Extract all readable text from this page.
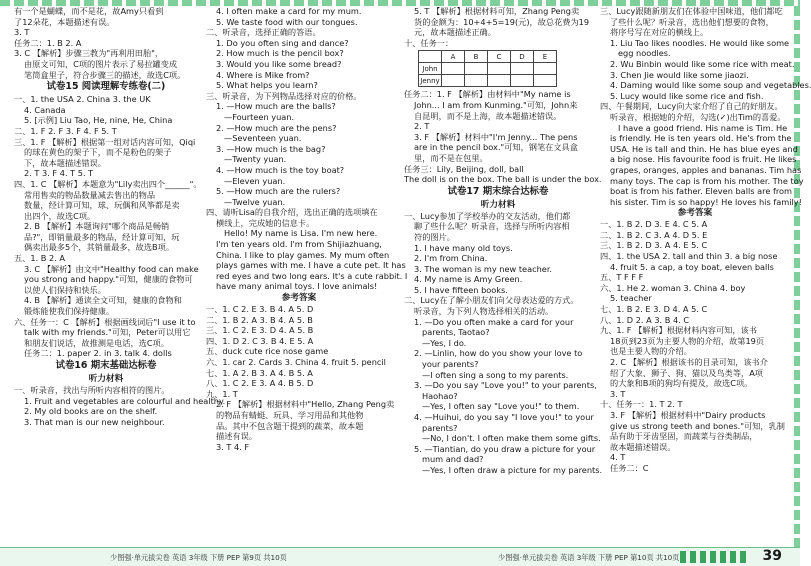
有一个是蝴蝶，而不是花，故Amy只看到
了12朵花，本题描述有误。
3. T
任务二：1. B 2. A
3. C 【解析】步骤三教为"再利用田胎"，
由原文可知，C项的图片表示了易拉罐变成
笔筒盒里子，符合步骤三的描述，故选C项。
试卷15 阅读理解专练卷(二)
一、1. the USA 2. China 3. the UK
4. Canada
5. [示例] Liu Tao, He, nine, He, China
二、1. F 2. F 3. F 4. F 5. T
三、1. F 【解析】根据第一组对话内容可知，Qiqi
的球在黄色的架子下，而不是粉色的架子
下，故本题描述错误。
2. T 3. F 4. T 5. T
四、1. C 【解析】本题意为"Lily卖出四个______"。
常用售卖的物品数量减去售出的物品
数量，经计算可知，球、玩偶和风筝都是卖
出四个，故选C项。
2. B 【解析】本题询问"哪个商品是畅销
品?"，即销量最多的物品，经计算可知，玩
偶卖出最多5个，其销量最多，故选B项。
五、1. B 2. A
3. C 【解析】由文中"Healthy food can make
you strong and happy."可知，健康的食物可
以使人们保持和快乐。
4. B 【解析】通读全文可知，健康的食物和
锻炼能使我们保持健康。
六、任务一：C 【解析】根据画线词后"I use it to
talk with my friends."可知，Peter可以用它
和朋友们说话，故推测是电话，选C项。
任务二：1. paper 2. in 3. talk 4. dolls
试卷16 期末基础达标卷
听力材料
一、听录音，找出与所听内容相符的图片。
1. Fruit and vegetables are colourful and healthy.
2. My old books are on the shelf.
3. That man is our new neighbour.
4. I often make a card for my mum.
5. We taste food with our tongues.
二、听录音，选择正确的答语。
1. Do you often sing and dance?
2. How much is the pencil box?
3. Would you like some bread?
4. Where is Mike from?
5. What helps you learn?
三、听录音，为下列物品选择对应的价格。
1. —How much are the balls?
—Fourteen yuan.
2. —How much are the pens?
—Seventeen yuan.
3. —How much is the bag?
—Twenty yuan.
4. —How much is the toy boat?
—Eleven yuan.
5. —How much are the rulers?
—Twelve yuan.
四、请听Lisa的自我介绍，选出正确的选项填在
横线上，完成她的信息卡。
Hello! My name is Lisa. I'm new here.
I'm ten years old. I'm from Shijiazhuang,
China. I like to play games. My mum often
plays games with me. I have a cute pet. It has
red eyes and two long ears. It's a cute rabbit. I
have many animal toys. I love animals!
参考答案
一、1. C 2. E 3. B 4. A 5. D
二、1. B 2. A 3. B 4. A 5. B
三、1. C 2. E 3. D 4. A 5. B
四、1. D 2. C 3. B 4. E 5. A
五、duck cute rice nose game
六、1. car 2. Cards 3. China 4. fruit 5. pencil
七、1. A 2. B 3. A 4. B 5. A
八、1. C 2. E 3. A 4. B 5. D
九、1. T
2. F 【解析】根据材料中"Hello, Zhang Peng卖
的物品有蜻蜓、玩具、学习用品和其他物
品。其中不包含题干提到的蔬菜，故本题
描述有误。
3. T 4. F
5. T 【解析】根据材料可知，Zhang Peng卖
货的金额为：10+4+5=19(元)，故总花费为19
元，故本题描述正确。
十、任务一：
	A	B	C	D	E
John					
Jenny					
任务二：1. F 【解析】由材料中"My name is
John... I am from Kunming."可知，John来
自昆明，而不是上海，故本题描述错误。
2. T
3. F 【解析】材料中"I'm Jenny... The pens
are in the pencil box."可知，钢笔在文具盒
里，而不是在包里。
任务三：Lily, Beijing, doll, ball
The doll is on the box. The ball is under the box.
试卷17 期末综合达标卷
听力材料
一、Lucy参加了学校举办的交友活动，他们都
聊了些什么呢？听录音，选择与所听内容相
符的图片。
1. I have many old toys.
2. I'm from China.
3. The woman is my new teacher.
4. My name is Amy Green.
5. I have fifteen books.
二、Lucy在了解小朋友们向父母表达爱的方式。
听录音，为下列人物选择相关的活动。
1. —Do you often make a card for your
parents, Taotao?
—Yes, I do.
2. —Linlin, how do you show your love to
your parents?
—I often sing a song to my parents.
3. —Do you say "Love you!" to your parents,
Haohao?
—Yes, I often say "Love you!" to them.
4. —Huihui, do you say "I love you!" to your
parents?
—No, I don't. I often make them some gifts.
5. —Tiantian, do you draw a picture for your
mum and dad?
—Yes, I often draw a picture for my parents.
三、Lucy跟随新朋友们在体验中国味道，他们都吃
了些什么呢？听录音，选出他们想要的食物，
将序号写在对应的横线上。
1. Liu Tao likes noodles. He would like some
egg noodles.
2. Wu Binbin would like some rice with meat.
3. Chen Jie would like some jiaozi.
4. Daming would like some soup and vegetables.
5. Lucy would like some rice and fish.
四、午餐期间，Lucy向大家介绍了自己的好朋友。
听录音，根据她的介绍，勾选(✓)出Tim的喜爱。
I have a good friend. His name is Tim. He
is friendly. He is ten years old. He's from the
USA. He is tall and thin. He has blue eyes and
a big nose. His favourite food is fruit. He likes
grapes, oranges, apples and bananas. Tim has
many toys. The cap is from his mother. The toy
boat is from his father. Eleven balls are from
his sister. Tim is so happy! He loves his family!
参考答案
一、1. B 2. D 3. E 4. C 5. A
二、1. B 2. C 3. A 4. D 5. E
三、1. B 2. D 3. A 4. E 5. C
四、1. the USA 2. tall and thin 3. a big nose
4. fruit 5. a cap, a toy boat, eleven balls
五、T F F F
六、1. He 2. woman 3. China 4. boy
5. teacher
七、1. B 2. E 3. D 4. A 5. C
八、1. D 2. A 3. B 4. C
九、1. F 【解析】根据材料内容可知，该书
18页到23页为主要人物的介绍，故第19页
也是主要人物的介绍。
2. C 【解析】根据该书的目录可知，该书介
绍了大象、狮子、狗、猫以及鸟类等，A项
的大象和B项的狗均有提及，故选C项。
3. T
十、任务一：1. T 2. T
3. F 【解析】根据材料中"Dairy products
give us strong teeth and bones."可知，乳制
品有助于牙齿坚固，而蔬菜与谷类制品，
故本题描述错误。
4. T
任务二：C
少图强·单元拔尖卷 英语 3年级 下册 PEP 第9页 共10页	少图强·单元拔尖卷 英语 3年级 下册 PEP 第10页 共10页	39
